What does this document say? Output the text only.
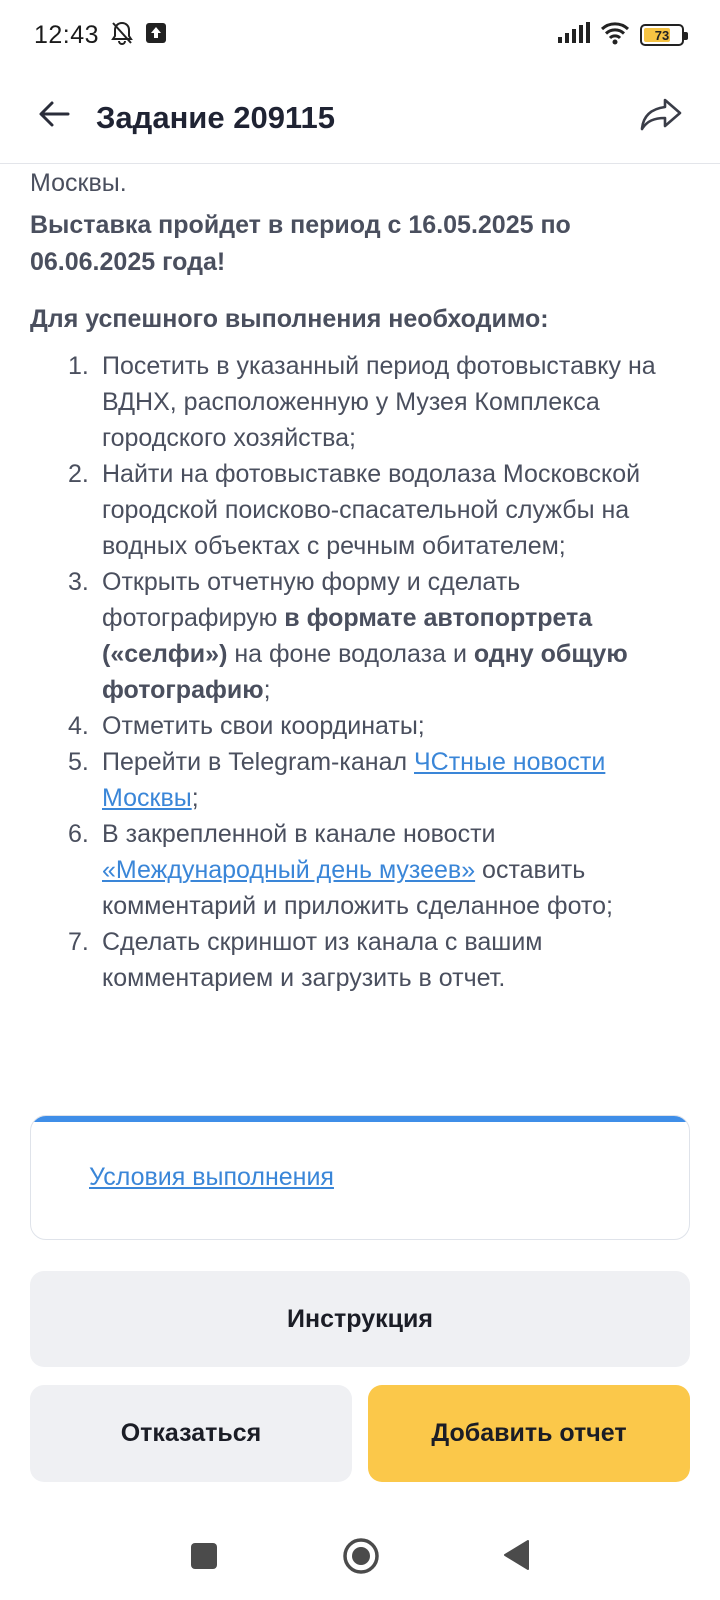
12:43	73
Задание 209115

Москвы.

Выставка пройдет в период с 16.05.2025 по 06.06.2025 года!

Для успешного выполнения необходимо:

1. Посетить в указанный период фотовыставку на ВДНХ, расположенную у Музея Комплекса городского хозяйства;
2. Найти на фотовыставке водолаза Московской городской поисково-спасательной службы на водных объектах с речным обитателем;
3. Открыть отчетную форму и сделать фотографирую в формате автопортрета («селфи») на фоне водолаза и одну общую фотографию;
4. Отметить свои координаты;
5. Перейти в Telegram-канал ЧСтные новости Москвы;
6. В закрепленной в канале новости «Международный день музеев» оставить комментарий и приложить сделанное фото;
7. Сделать скриншот из канала с вашим комментарием и загрузить в отчет.
Условия выполнения
Инструкция
Отказаться	Добавить отчет
